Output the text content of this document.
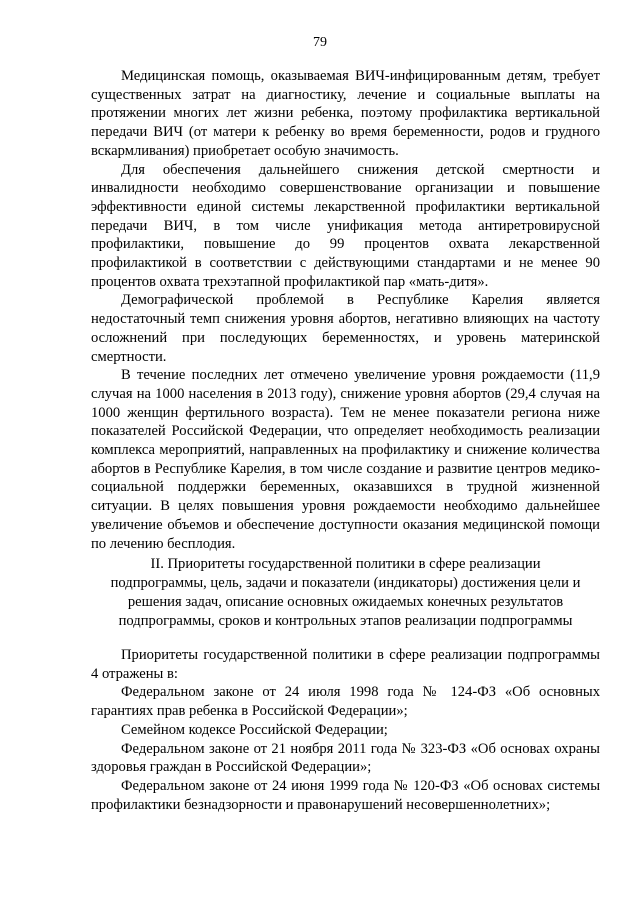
79

Медицинская помощь, оказываемая ВИЧ-инфицированным детям, требует существенных затрат на диагностику, лечение и социальные выплаты на протяжении многих лет жизни ребенка, поэтому профилактика вертикальной передачи ВИЧ (от матери к ребенку во время беременности, родов и грудного вскармливания) приобретает особую значимость.

Для обеспечения дальнейшего снижения детской смертности и инвалидности необходимо совершенствование организации и повышение эффективности единой системы лекарственной профилактики вертикальной передачи ВИЧ, в том числе унификация метода антиретровирусной профилактики, повышение до 99 процентов охвата лекарственной профилактикой в соответствии с действующими стандартами и не менее 90 процентов охвата трехэтапной профилактикой пар «мать-дитя».

Демографической проблемой в Республике Карелия является недостаточный темп снижения уровня абортов, негативно влияющих на частоту осложнений при последующих беременностях, и уровень материнской смертности.

В течение последних лет отмечено увеличение уровня рождаемости (11,9 случая на 1000 населения в 2013 году), снижение уровня абортов (29,4 случая на 1000 женщин фертильного возраста). Тем не менее показатели региона ниже показателей Российской Федерации, что определяет необходимость реализации комплекса мероприятий, направленных на профилактику и снижение количества абортов в Республике Карелия, в том числе создание и развитие центров медико-социальной поддержки беременных, оказавшихся в трудной жизненной ситуации. В целях повышения уровня рождаемости необходимо дальнейшее увеличение объемов и обеспечение доступности оказания медицинской помощи по лечению бесплодия.

II. Приоритеты государственной политики в сфере реализации
подпрограммы, цель, задачи и показатели (индикаторы) достижения цели и
решения задач, описание основных ожидаемых конечных результатов
подпрограммы, сроков и контрольных этапов реализации подпрограммы

Приоритеты государственной политики в сфере реализации подпрограммы 4 отражены в:

Федеральном законе от 24 июля 1998 года № 124-ФЗ «Об основных гарантиях прав ребенка в Российской Федерации»;

Семейном кодексе Российской Федерации;

Федеральном законе от 21 ноября 2011 года № 323-ФЗ «Об основах охраны здоровья граждан в Российской Федерации»;

Федеральном законе от 24 июня 1999 года № 120-ФЗ «Об основах системы профилактики безнадзорности и правонарушений несовершеннолетних»;
